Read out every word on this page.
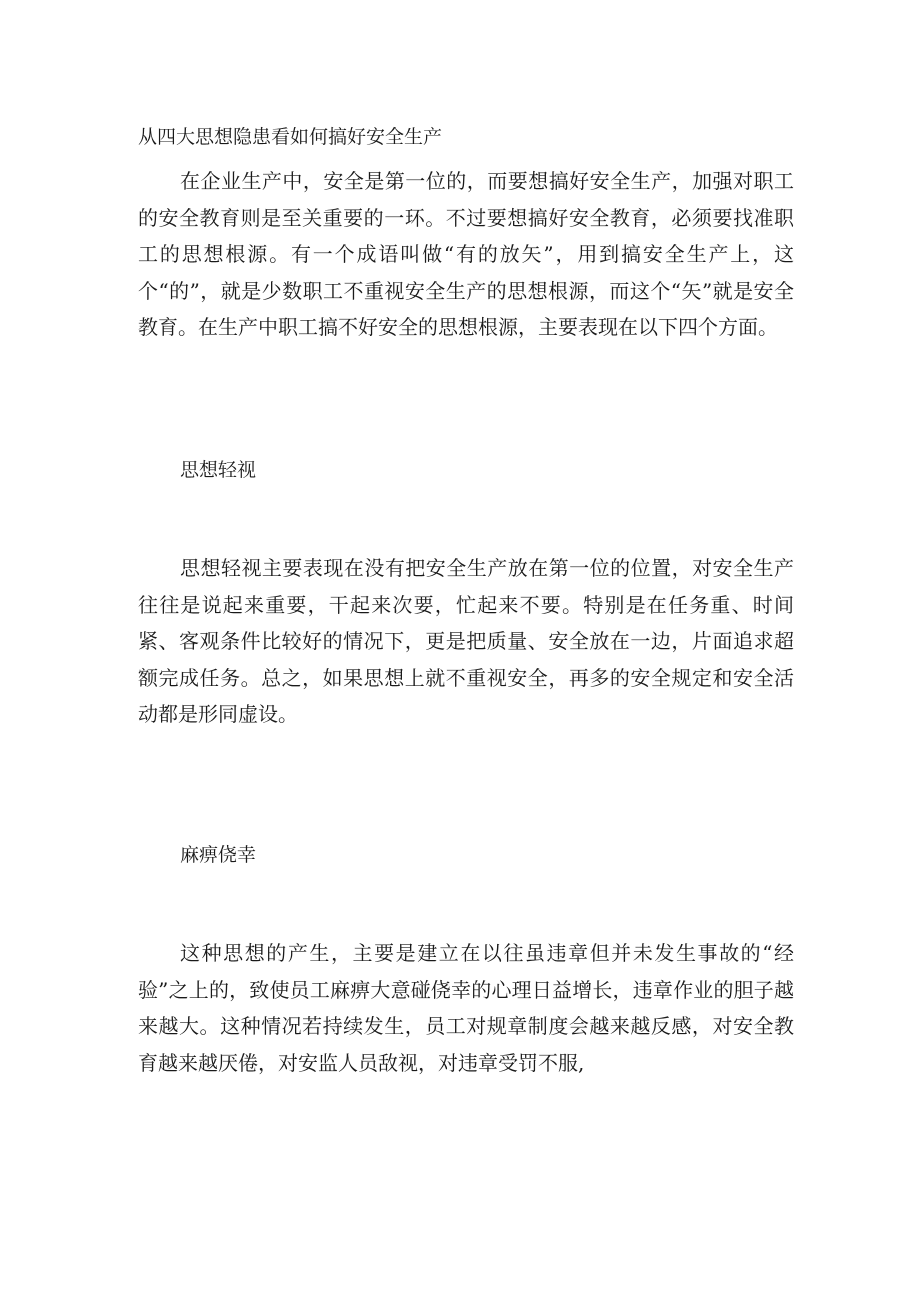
从四大思想隐患看如何搞好安全生产

在企业生产中，安全是第一位的，而要想搞好安全生产，加强对职工的安全教育则是至关重要的一环。不过要想搞好安全教育，必须要找准职工的思想根源。有一个成语叫做“有的放矢”，用到搞安全生产上，这个“的”，就是少数职工不重视安全生产的思想根源，而这个“矢”就是安全教育。在生产中职工搞不好安全的思想根源，主要表现在以下四个方面。

思想轻视

思想轻视主要表现在没有把安全生产放在第一位的位置，对安全生产往往是说起来重要，干起来次要，忙起来不要。特别是在任务重、时间紧、客观条件比较好的情况下，更是把质量、安全放在一边，片面追求超额完成任务。总之，如果思想上就不重视安全，再多的安全规定和安全活动都是形同虚设。

麻痹侥幸

这种思想的产生，主要是建立在以往虽违章但并未发生事故的“经验”之上的，致使员工麻痹大意碰侥幸的心理日益增长，违章作业的胆子越来越大。这种情况若持续发生，员工对规章制度会越来越反感，对安全教育越来越厌倦，对安监人员敌视，对违章受罚不服,
